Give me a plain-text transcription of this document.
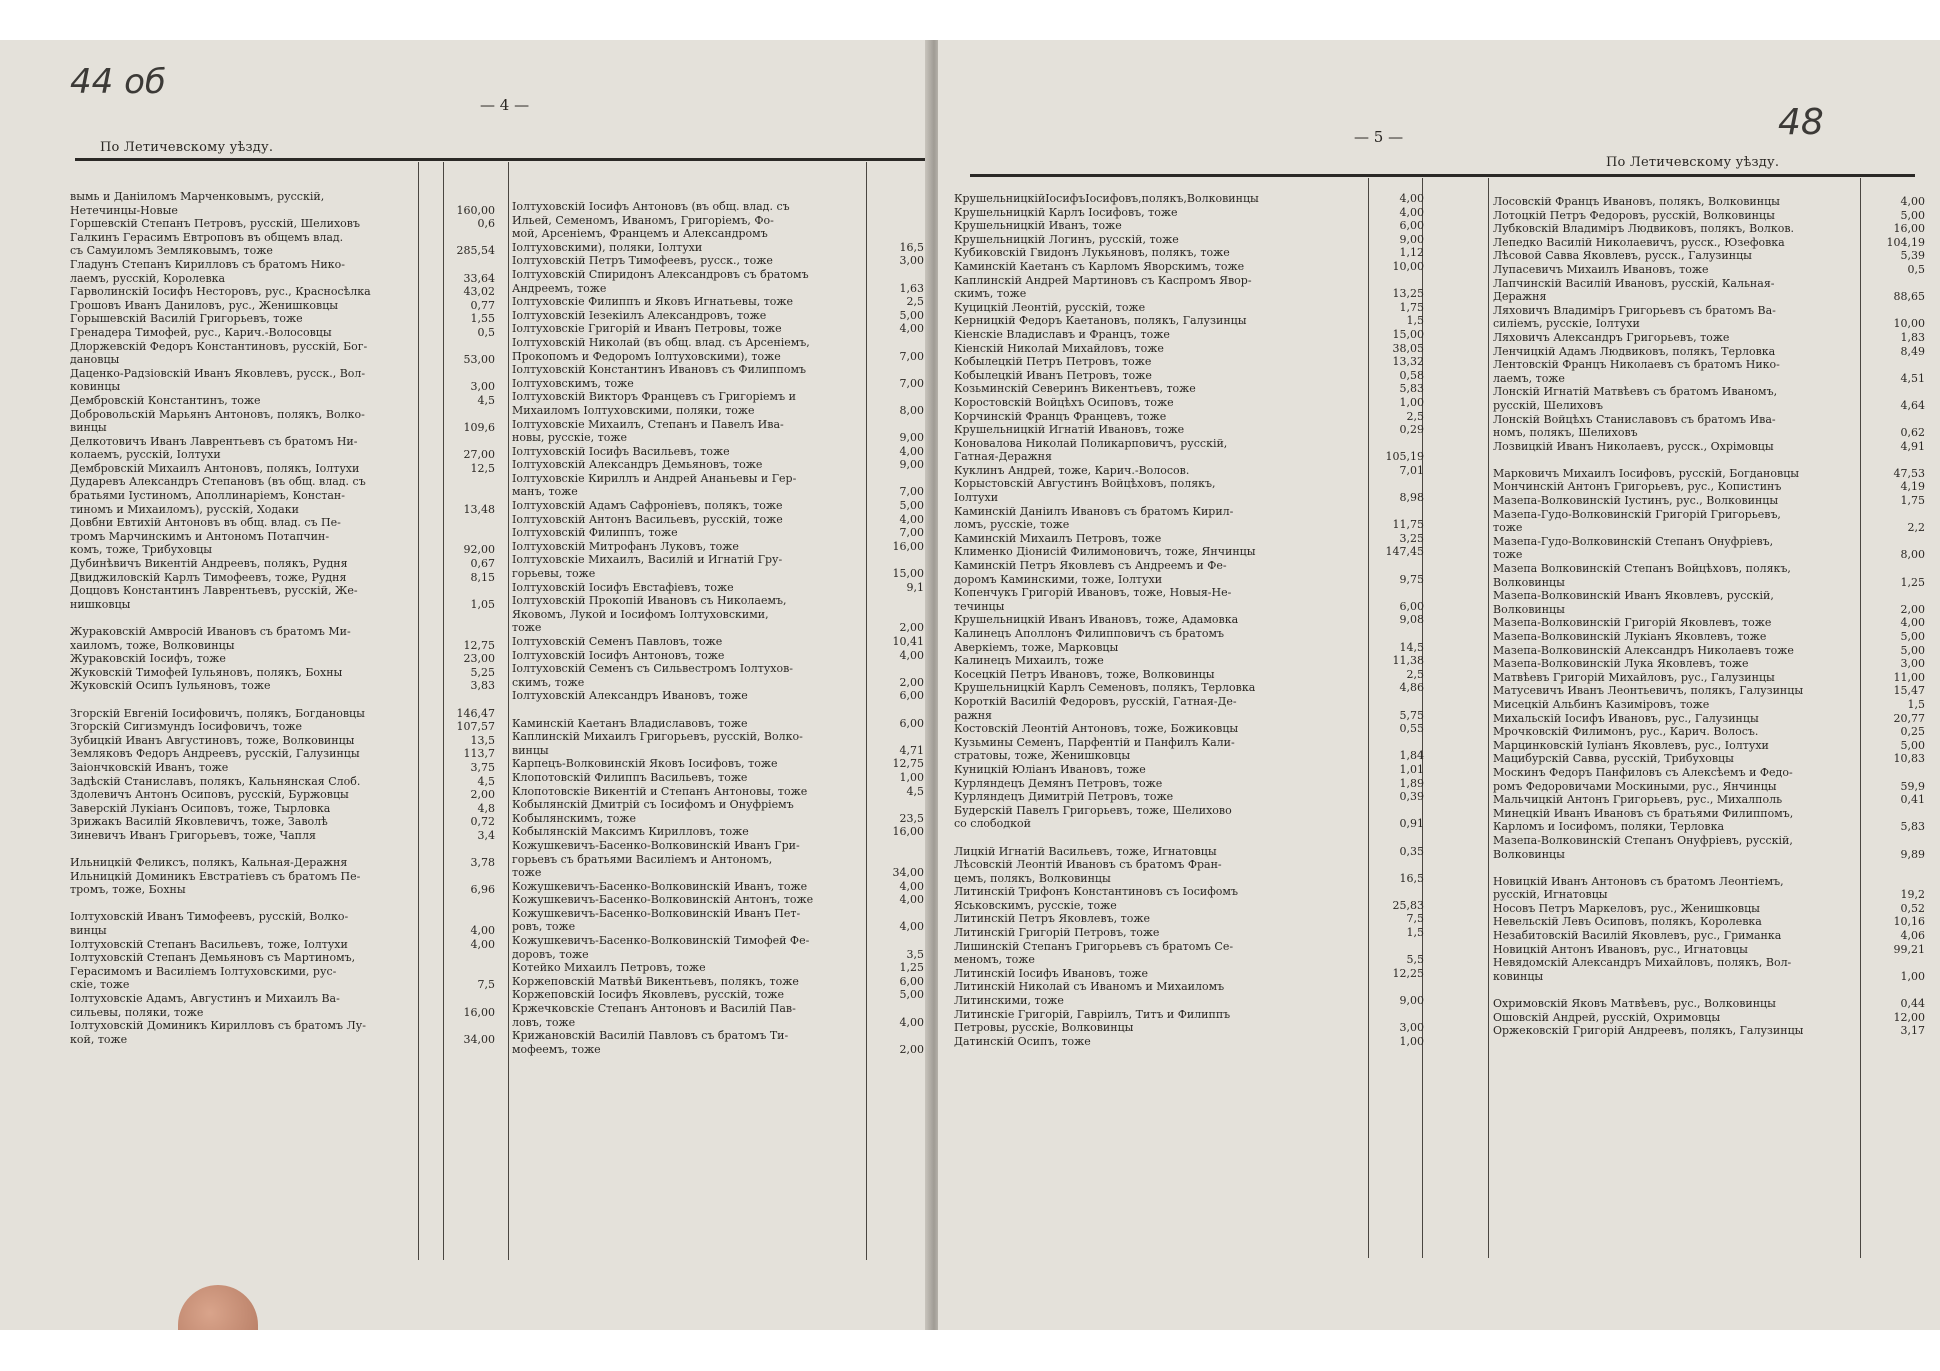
44 об
— 4 —
По Летичевскому уѣзду.
вымь и Даніиломъ Марченковымъ, русскій,
Нетечинцы-Новые	160,00
Горшевскій Степанъ Петровъ, русскій, Шелиховъ	0,6
Галкинъ Герасимъ Евтроповъ въ общемъ влад.
съ Самуиломъ Земляковымъ, тоже	285,54
Гладунъ Степанъ Кирилловъ съ братомъ Нико-
лаемъ, русскій, Королевка	33,64
Гарволинскій Іосифъ Несторовъ, рус., Красносѣлка	43,02
Грошовъ Иванъ Даниловъ, рус., Женишковцы	0,77
Горышевскій Василій Григорьевъ, тоже	1,55
Гренадера Тимофей, рус., Карич.-Волоcовцы	0,5
Длоржевскій Федоръ Константиновъ, русскій, Бог-
дановцы	53,00
Даценко-Радзіовскій Иванъ Яковлевъ, русск., Вол-
ковинцы	3,00
Дембровскій Константинъ, тоже	4,5
Добровольскій Марьянъ Антоновъ, полякъ, Волко-
винцы	109,6
Делкотовичъ Иванъ Лаврентьевъ съ братомъ Ни-
колаемъ, русскій, Іолтухи	27,00
Дембровскій Михаилъ Антоновъ, полякъ, Іолтухи	12,5
Дударевъ Александръ Степановъ (въ общ. влад. съ
братьями Іустиномъ, Аполлинаріемъ, Констан-
тиномъ и Михаиломъ), русскій, Ходаки	13,48
Довбни Евтихій Антоновъ въ общ. влад. съ Пе-
тромъ Марчинскимъ и Антономъ Потапчин-
комъ, тоже, Трибуховцы	92,00
Дубинѣвичъ Викентій Андреевъ, полякъ, Рудня	0,67
Двиджиловскій Карлъ Тимофеевъ, тоже, Рудня	8,15
Доццовъ Константинъ Лаврентьевъ, русскій, Же-
нишковцы	1,05

Жураковскій Амвросій Ивановъ съ братомъ Ми-
хаиломъ, тоже, Волковинцы	12,75
Жураковскій Іосифъ, тоже	23,00
Жуковскій Тимофей Іульяновъ, полякъ, Бохны	5,25
Жуковскій Осипъ Іульяновъ, тоже	3,83

Згорскій Евгеній Іосифовичъ, полякъ, Богдановцы	146,47
Згорскій Сигизмундъ Іосифовичъ, тоже	107,57
Зубицкій Иванъ Августиновъ, тоже, Волковинцы	13,5
Земляковъ Федоръ Андреевъ, русскій, Галузинцы	113,7
Заіончковскій Иванъ, тоже	3,75
Задѣскій Станиславъ, полякъ, Кальнянская Слоб.	4,5
Здолевичъ Антонъ Осиповъ, русскій, Буржовцы	2,00
Заверскій Лукіанъ Осиповъ, тоже, Тырловка	4,8
Зрижакъ Василій Яковлевичъ, тоже, Заволѣ	0,72
Зиневичъ Иванъ Григорьевъ, тоже, Чапля	3,4

Ильницкій Феликсъ, полякъ, Кальная-Деражня	3,78
Ильницкій Доминикъ Евстратіевъ съ братомъ Пе-
тромъ, тоже, Бохны	6,96

Іолтуховскій Иванъ Тимофеевъ, русскій, Волко-
винцы	4,00
Іолтуховскій Степанъ Васильевъ, тоже, Іолтухи	4,00
Іолтуховскій Степанъ Демьяновъ съ Мартиномъ,
Герасимомъ и Василіемъ Іолтуховскими, рус-
скіе, тоже	7,5
Іолтуховскіе Адамъ, Августинъ и Михаилъ Ва-
сильевы, поляки, тоже	16,00
Іолтуховскій Доминикъ Кирилловъ съ братомъ Лу-
кой, тоже	34,00
Іолтуховскій Іосифъ Антоновъ (въ общ. влад. съ
Ильей, Семеномъ, Иваномъ, Григоріемъ, Фо-
мой, Арсеніемъ, Францемъ и Александромъ
Іолтуховскими), поляки, Іолтухи	16,5
Іолтуховскій Петръ Тимофеевъ, русск., тоже	3,00
Іолтуховскій Спиридонъ Александровъ съ братомъ
Андреемъ, тоже	1,63
Іолтуховскіе Филиппъ и Яковъ Игнатьевы, тоже	2,5
Іолтуховскій Іезекіилъ Александровъ, тоже	5,00
Іолтуховскіе Григорій и Иванъ Петровы, тоже	4,00
Іолтуховскій Николай (въ общ. влад. съ Арсеніемъ,
Прокопомъ и Федоромъ Іолтуховскими), тоже	7,00
Іолтуховскій Константинъ Ивановъ съ Филиппомъ
Іолтуховскимъ, тоже	7,00
Іолтуховскій Викторъ Францевъ съ Григоріемъ и
Михаиломъ Іолтуховскими, поляки, тоже	8,00
Іолтуховскіе Михаилъ, Степанъ и Павелъ Ива-
новы, русскіе, тоже	9,00
Іолтуховскій Іосифъ Васильевъ, тоже	4,00
Іолтуховскій Александръ Демьяновъ, тоже	9,00
Іолтуховскіе Кириллъ и Андрей Ананьевы и Гер-
манъ, тоже	7,00
Іолтуховскій Адамъ Сафроніевъ, полякъ, тоже	5,00
Іолтуховскій Антонъ Васильевъ, русскій, тоже	4,00
Іолтуховскій Филиппъ, тоже	7,00
Іолтуховскій Митрофанъ Луковъ, тоже	16,00
Іолтуховскіе Михаилъ, Василій и Игнатій Гру-
горьевы, тоже	15,00
Іолтуховскій Іосифъ Евстафіевъ, тоже	9,1
Іолтуховскій Прокопій Ивановъ съ Николаемъ,
Яковомъ, Лукой и Іосифомъ Іолтуховскими,
тоже	2,00
Іолтуховскій Семенъ Павловъ, тоже	10,41
Іолтуховскій Іосифъ Антоновъ, тоже	4,00
Іолтуховскій Семенъ съ Сильвестромъ Іолтухов-
скимъ, тоже	2,00
Іолтуховскій Александръ Ивановъ, тоже	6,00

Каминскій Каетанъ Владиславовъ, тоже	6,00
Каплинскій Михаилъ Григорьевъ, русскій, Волко-
винцы	4,71
Карпецъ-Волковинскій Яковъ Іосифовъ, тоже	12,75
Клопотовскій Филиппъ Васильевъ, тоже	1,00
Клопотовскіе Викентій и Степанъ Антоновы, тоже	4,5
Кобылянскій Дмитрій съ Іосифомъ и Онуфріемъ
Кобылянскимъ, тоже	23,5
Кобылянскій Максимъ Кирилловъ, тоже	16,00
Кожушкевичъ-Басенко-Волковинскій Иванъ Гри-
горьевъ съ братьями Василіемъ и Антономъ,
тоже	34,00
Кожушкевичъ-Басенко-Волковинскій Иванъ, тоже	4,00
Кожушкевичъ-Басенко-Волковинскій Антонъ, тоже	4,00
Кожушкевичъ-Басенко-Волковинскій Иванъ Пет-
ровъ, тоже	4,00
Кожушкевичъ-Басенко-Волковинскій Тимофей Фе-
доровъ, тоже	3,5
Котейко Михаилъ Петровъ, тоже	1,25
Коржеповскій Матвѣй Викентьевъ, полякъ, тоже	6,00
Коржеповскій Іосифъ Яковлевъ, русскій, тоже	5,00
Кржечковскіе Степанъ Антоновъ и Василій Пав-
ловъ, тоже	4,00
Крижановскій Василій Павловъ съ братомъ Ти-
мофеемъ, тоже	2,00
48
— 5 —
По Летичевскому уѣзду.
КрушельницкійІосифъІосифовъ,полякъ,Волковинцы	4,00
Крушельницкій Карлъ Іосифовъ, тоже	4,00
Крушельницкій Иванъ, тоже	6,00
Крушельницкій Логинъ, русскій, тоже	9,00
Кубиковскій Гвидонъ Лукьяновъ, полякъ, тоже	1,12
Каминскій Каетанъ съ Карломъ Яворскимъ, тоже	10,00
Каплинскій Андрей Мартиновъ съ Каспромъ Явор-
скимъ, тоже	13,25
Куцицкій Леонтій, русскій, тоже	1,75
Керницкій Федоръ Каетановъ, полякъ, Галузинцы	1,5
Кіенскіе Владиславъ и Францъ, тоже	15,00
Кіенскій Николай Михайловъ, тоже	38,05
Кобылецкій Петръ Петровъ, тоже	13,32
Кобылецкій Иванъ Петровъ, тоже	0,58
Козьминскій Северинъ Викентьевъ, тоже	5,83
Коростовскій Войцѣхъ Осиповъ, тоже	1,00
Корчинскій Францъ Францевъ, тоже	2,5
Крушельницкій Игнатій Ивановъ, тоже	0,29
Коновалова Николай Поликарповичъ, русскій,
Гатная-Деражня	105,19
Куклинъ Андрей, тоже, Карич.-Волоcов.	7,01
Корыстовскій Августинъ Войцѣховъ, полякъ,
Іолтухи	8,98
Каминскій Даніилъ Ивановъ съ братомъ Кирил-
ломъ, русскіе, тоже	11,75
Каминскій Михаилъ Петровъ, тоже	3,25
Клименко Діонисій Филимоновичъ, тоже, Янчинцы	147,45
Каминскій Петръ Яковлевъ съ Андреемъ и Фе-
доромъ Каминскими, тоже, Іолтухи	9,75
Копенчукъ Григорій Ивановъ, тоже, Новыя-Не-
течинцы	6,00
Крушельницкій Иванъ Ивановъ, тоже, Адамовка	9,08
Калинецъ Аполлонъ Филипповичъ съ братомъ
Аверкіемъ, тоже, Марковцы	14,5
Калинецъ Михаилъ, тоже	11,38
Косецкій Петръ Ивановъ, тоже, Волковинцы	2,5
Крушельницкій Карлъ Семеновъ, полякъ, Терловка	4,86
Короткій Василій Федоровъ, русскій, Гатная-Де-
ражня	5,75
Костовскій Леонтій Антоновъ, тоже, Божиковцы	0,55
Кузьмины Семенъ, Парфентій и Панфилъ Кали-
стратовы, тоже, Женишковцы	1,84
Куницкій Юліанъ Ивановъ, тоже	1,01
Курляндецъ Демянъ Петровъ, тоже	1,89
Курляндецъ Димитрій Петровъ, тоже	0,39
Будерскій Павелъ Григорьевъ, тоже, Шелихово
со слободкой	0,91

Лицкій Игнатій Васильевъ, тоже, Игнатовцы	0,35
Лѣсовскій Леонтій Ивановъ съ братомъ Фран-
цемъ, полякъ, Волковинцы	16,5
Литинскій Трифонъ Константиновъ съ Іосифомъ
Яськовскимъ, русскіе, тоже	25,83
Литинскій Петръ Яковлевъ, тоже	7,5
Литинскій Григорій Петровъ, тоже	1,5
Лишинскій Степанъ Григорьевъ съ братомъ Се-
меномъ, тоже	5,5
Литинскій Іосифъ Ивановъ, тоже	12,25
Литинскій Николай съ Иваномъ и Михаиломъ
Литинскими, тоже	9,00
Литинскіе Григорій, Гавріилъ, Титъ и Филиппъ
Петровы, русскіе, Волковинцы	3,00
Датинскій Осипъ, тоже	1,00
Лосовскій Францъ Ивановъ, полякъ, Волковинцы	4,00
Лотоцкій Петръ Федоровъ, русскій, Волковинцы	5,00
Лубковскій Владиміръ Людвиковъ, полякъ, Волков.	16,00
Лепедко Василій Николаевичъ, русск., Юзефовка	104,19
Лѣсовой Савва Яковлевъ, русск., Галузинцы	5,39
Лупасевичъ Михаилъ Ивановъ, тоже	0,5
Лапчинскій Василій Ивановъ, русскій, Кальная-
Деражня	88,65
Ляховичъ Владиміръ Григорьевъ съ братомъ Ва-
силіемъ, русскіе, Іолтухи	10,00
Ляховичъ Александръ Григорьевъ, тоже	1,83
Ленчицкій Адамъ Людвиковъ, полякъ, Терловка	8,49
Лентовскій Францъ Николаевъ съ братомъ Нико-
лаемъ, тоже	4,51
Лонскій Игнатій Матвѣевъ съ братомъ Иваномъ,
русскій, Шелиховъ	4,64
Лонскій Войцѣхъ Станиславовъ съ братомъ Ива-
номъ, полякъ, Шелиховъ	0,62
Лозвицкій Иванъ Николаевъ, русск., Охрімовцы	4,91

Марковичъ Михаилъ Іосифовъ, русскій, Богдановцы	47,53
Мончинскій Антонъ Григорьевъ, рус., Копистинъ	4,19
Мазепа-Волковинскій Іустинъ, рус., Волковинцы	1,75
Мазепа-Гудо-Волковинскій Григорій Григорьевъ,
тоже	2,2
Мазепа-Гудо-Волковинскій Степанъ Онуфріевъ,
тоже	8,00
Мазепа Волковинскій Степанъ Войцѣховъ, полякъ,
Волковинцы	1,25
Мазепа-Волковинскій Иванъ Яковлевъ, русскій,
Волковинцы	2,00
Мазепа-Волковинскій Григорій Яковлевъ, тоже	4,00
Мазепа-Волковинскій Лукіанъ Яковлевъ, тоже	5,00
Мазепа-Волковинскій Александръ Николаевъ тоже	5,00
Мазепа-Волковинскій Лука Яковлевъ, тоже	3,00
Матвѣевъ Григорій Михайловъ, рус., Галузинцы	11,00
Матусевичъ Иванъ Леонтьевичъ, полякъ, Галузинцы	15,47
Мисецкій Альбинъ Казиміровъ, тоже	1,5
Михальскій Іосифъ Ивановъ, рус., Галузинцы	20,77
Мрочковскій Филимонъ, рус., Карич. Волосъ.	0,25
Марцинковскій Іуліанъ Яковлевъ, рус., Іолтухи	5,00
Мацибурскій Савва, русскій, Трибуховцы	10,83
Москинъ Федоръ Панфиловъ съ Алексѣемъ и Федо-
ромъ Федоровичами Москиными, рус., Янчинцы	59,9
Мальчицкій Антонъ Григорьевъ, рус., Михалполь	0,41
Минецкій Иванъ Ивановъ съ братьями Филиппомъ,
Карломъ и Іосифомъ, поляки, Терловка	5,83
Мазепа-Волковинскій Степанъ Онуфріевъ, русскій,
Волковинцы	9,89

Новицкій Иванъ Антоновъ съ братомъ Леонтіемъ,
русскій, Игнатовцы	19,2
Носовъ Петръ Маркеловъ, рус., Женишковцы	0,52
Невельскій Левъ Осиповъ, полякъ, Королевка	10,16
Незабитовскій Василій Яковлевъ, рус., Гриманка	4,06
Новицкій Антонъ Ивановъ, рус., Игнатовцы	99,21
Невядомскій Александръ Михайловъ, полякъ, Вол-
ковинцы	1,00

Охримовскій Яковъ Матвѣевъ, рус., Волковинцы	0,44
Ошовскій Андрей, русскій, Охримовцы	12,00
Оржековскій Григорій Андреевъ, полякъ, Галузинцы	3,17
